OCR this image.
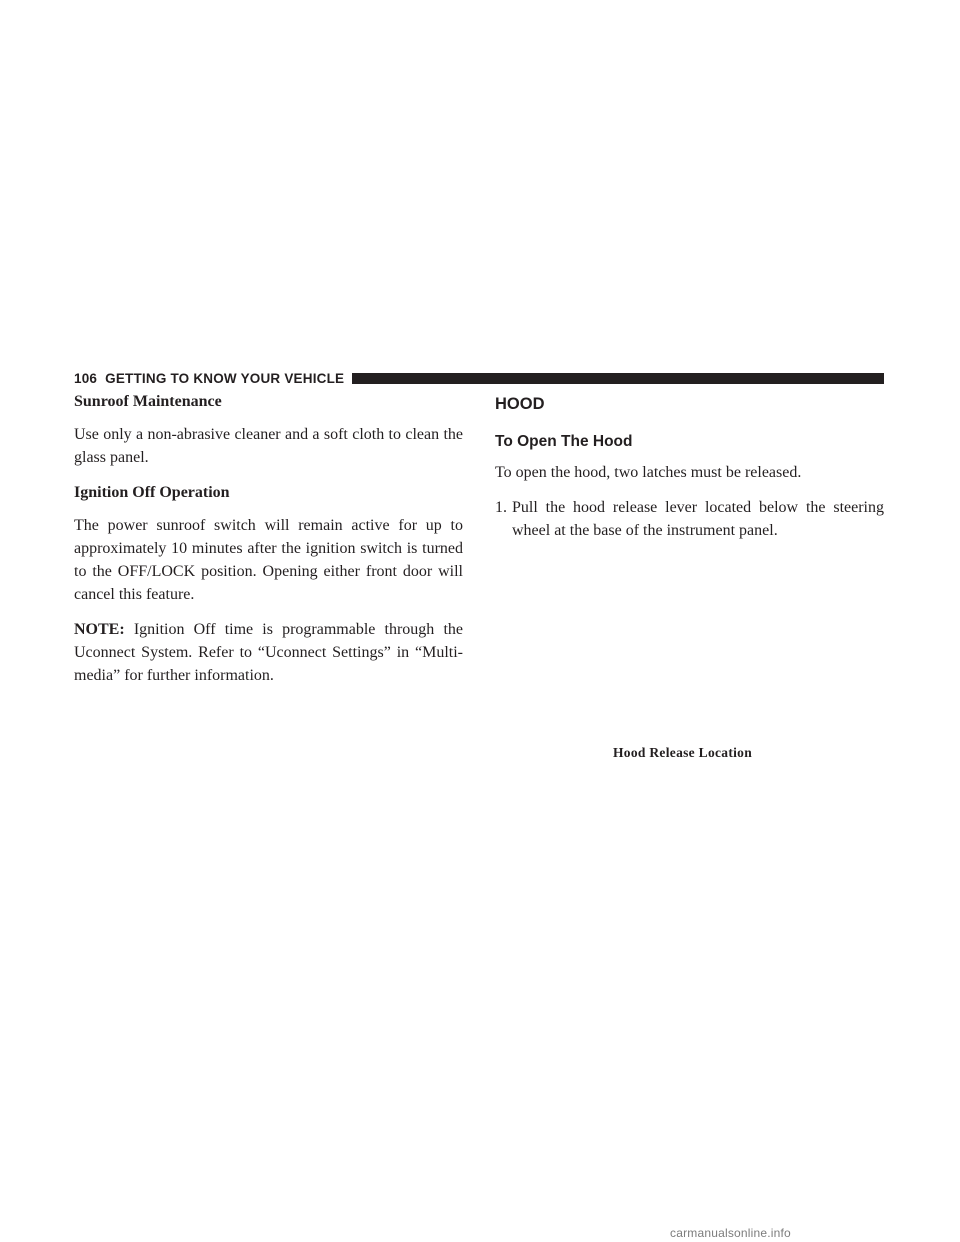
106 GETTING TO KNOW YOUR VEHICLE
Sunroof Maintenance

Use only a non-abrasive cleaner and a soft cloth to clean the glass panel.

Ignition Off Operation

The power sunroof switch will remain active for up to approximately 10 minutes after the ignition switch is turned to the OFF/LOCK position. Opening either front door will cancel this feature.

NOTE: Ignition Off time is programmable through the Uconnect System. Refer to “Uconnect Settings” in “Multi-media” for further information.

HOOD
To Open The Hood

To open the hood, two latches must be released.

1. Pull the hood release lever located below the steering wheel at the base of the instrument panel.
Hood Release Location
carmanualsonline.info
